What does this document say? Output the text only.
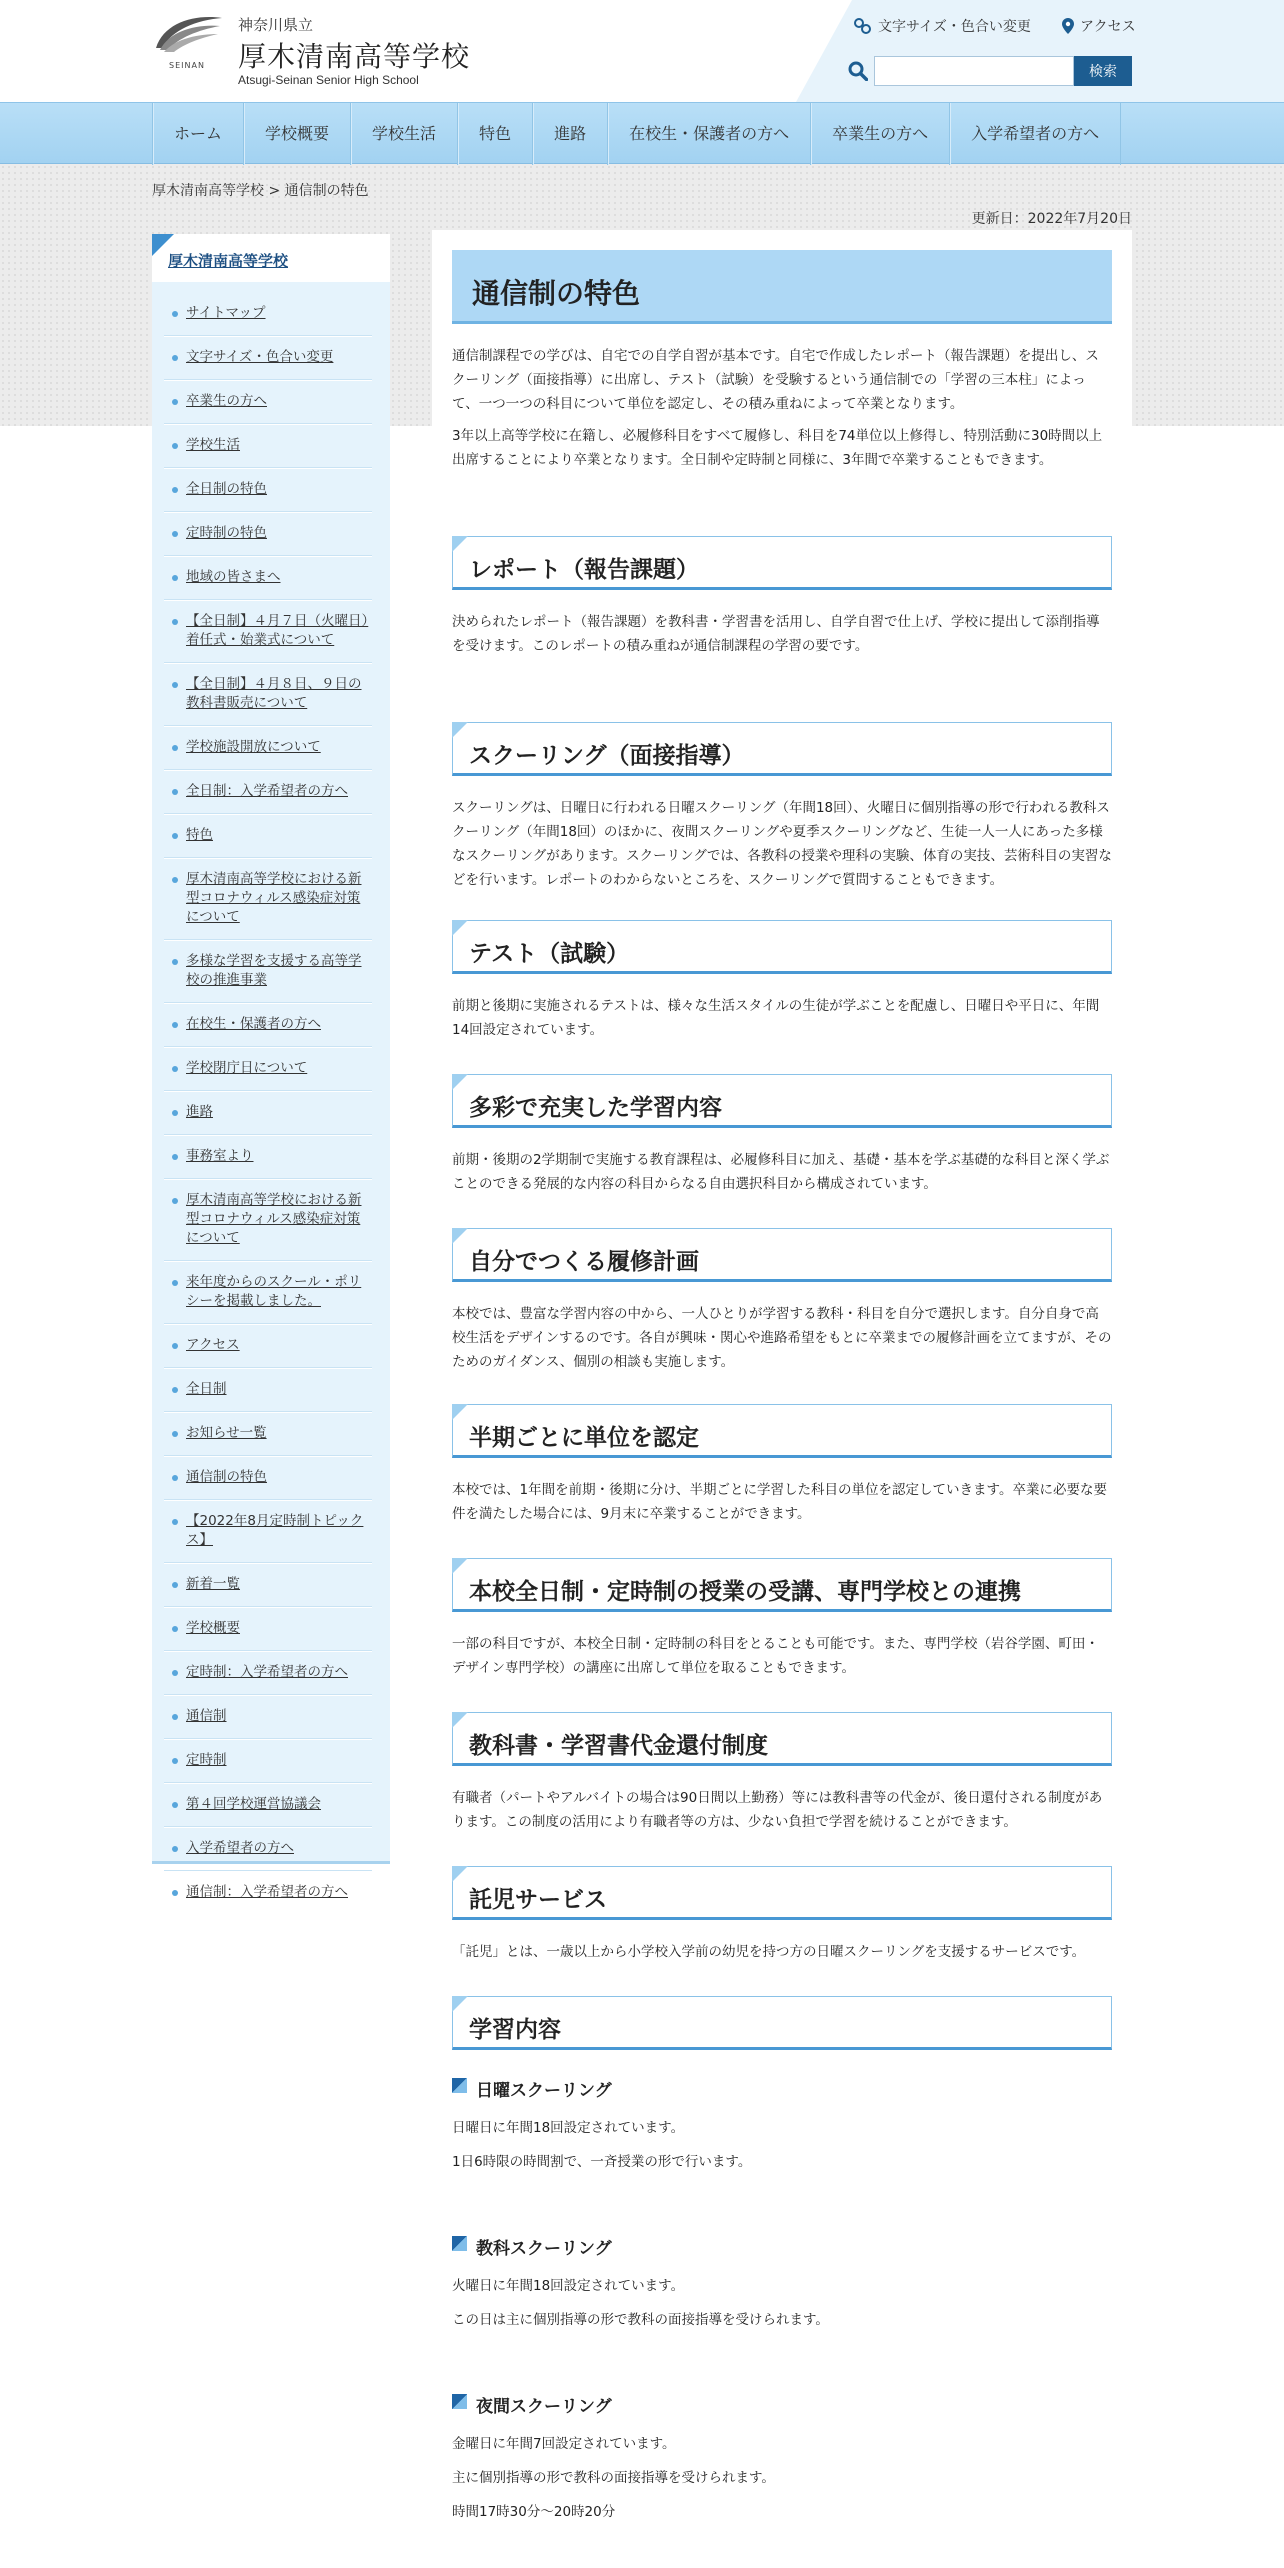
SEINAN
神奈川県立
厚木清南高等学校
Atsugi-Seinan Senior High School
文字サイズ・色合い変更	アクセス
検索
ホーム	学校概要	学校生活	特色	進路	在校生・保護者の方へ	卒業生の方へ	入学希望者の方へ
厚木清南高等学校 > 通信制の特色
更新日：2022年7月20日
厚木清南高等学校
サイトマップ
文字サイズ・色合い変更
卒業生の方へ
学校生活
全日制の特色
定時制の特色
地域の皆さまへ
【全日制】４月７日（火曜日）着任式・始業式について
【全日制】４月８日、９日の教科書販売について
学校施設開放について
全日制：入学希望者の方へ
特色
厚木清南高等学校における新型コロナウィルス感染症対策について
多様な学習を支援する高等学校の推進事業
在校生・保護者の方へ
学校閉庁日について
進路
事務室より
厚木清南高等学校における新型コロナウィルス感染症対策について
来年度からのスクール・ポリシーを掲載しました。
アクセス
全日制
お知らせ一覧
通信制の特色
【2022年8月定時制トピックス】
新着一覧
学校概要
定時制：入学希望者の方へ
通信制
定時制
第４回学校運営協議会
入学希望者の方へ
通信制：入学希望者の方へ
通信制の特色

通信制課程での学びは、自宅での自学自習が基本です。自宅で作成したレポート（報告課題）を提出し、スクーリング（面接指導）に出席し、テスト（試験）を受験するという通信制での「学習の三本柱」によって、一つ一つの科目について単位を認定し、その積み重ねによって卒業となります。

3年以上高等学校に在籍し、必履修科目をすべて履修し、科目を74単位以上修得し、特別活動に30時間以上出席することにより卒業となります。全日制や定時制と同様に、3年間で卒業することもできます。

レポート（報告課題）

決められたレポート（報告課題）を教科書・学習書を活用し、自学自習で仕上げ、学校に提出して添削指導を受けます。このレポートの積み重ねが通信制課程の学習の要です。

スクーリング（面接指導）

スクーリングは、日曜日に行われる日曜スクーリング（年間18回）、火曜日に個別指導の形で行われる教科スクーリング（年間18回）のほかに、夜間スクーリングや夏季スクーリングなど、生徒一人一人にあった多様なスクーリングがあります。スクーリングでは、各教科の授業や理科の実験、体育の実技、芸術科目の実習などを行います。レポートのわからないところを、スクーリングで質問することもできます。

テスト（試験）

前期と後期に実施されるテストは、様々な生活スタイルの生徒が学ぶことを配慮し、日曜日や平日に、年間14回設定されています。

多彩で充実した学習内容

前期・後期の2学期制で実施する教育課程は、必履修科目に加え、基礎・基本を学ぶ基礎的な科目と深く学ぶことのできる発展的な内容の科目からなる自由選択科目から構成されています。

自分でつくる履修計画

本校では、豊富な学習内容の中から、一人ひとりが学習する教科・科目を自分で選択します。自分自身で高校生活をデザインするのです。各自が興味・関心や進路希望をもとに卒業までの履修計画を立てますが、そのためのガイダンス、個別の相談も実施します。

半期ごとに単位を認定

本校では、1年間を前期・後期に分け、半期ごとに学習した科目の単位を認定していきます。卒業に必要な要件を満たした場合には、9月末に卒業することができます。

本校全日制・定時制の授業の受講、専門学校との連携

一部の科目ですが、本校全日制・定時制の科目をとることも可能です。また、専門学校（岩谷学園、町田・デザイン専門学校）の講座に出席して単位を取ることもできます。

教科書・学習書代金還付制度

有職者（パートやアルバイトの場合は90日間以上勤務）等には教科書等の代金が、後日還付される制度があります。この制度の活用により有職者等の方は、少ない負担で学習を続けることができます。

託児サービス

「託児」とは、一歳以上から小学校入学前の幼児を持つ方の日曜スクーリングを支援するサービスです。

学習内容
日曜スクーリング

日曜日に年間18回設定されています。

1日6時限の時間割で、一斉授業の形で行います。

教科スクーリング

火曜日に年間18回設定されています。

この日は主に個別指導の形で教科の面接指導を受けられます。

夜間スクーリング

金曜日に年間7回設定されています。

主に個別指導の形で教科の面接指導を受けられます。

時間17時30分～20時20分
